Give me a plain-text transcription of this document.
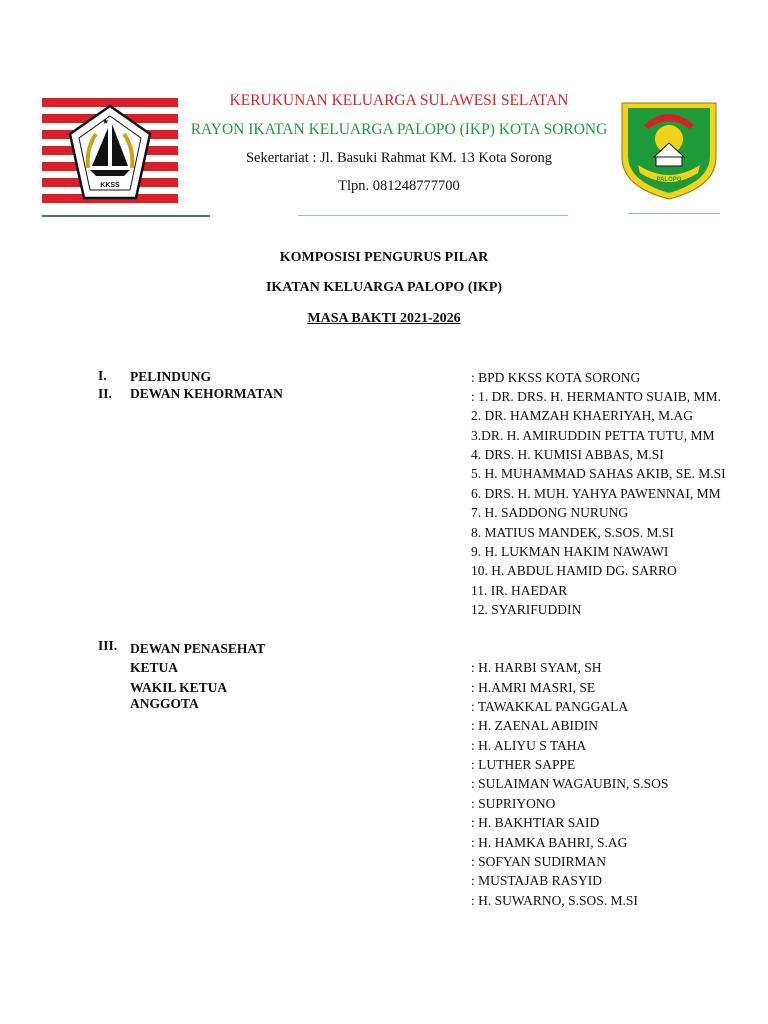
★
KKSS
PALOPO
KERUKUNAN KELUARGA SULAWESI SELATAN
RAYON IKATAN KELUARGA PALOPO (IKP) KOTA SORONG
Sekertariat : Jl. Basuki Rahmat KM. 13 Kota Sorong
Tlpn. 081248777700
KOMPOSISI PENGURUS PILAR
IKATAN KELUARGA PALOPO (IKP)
MASA BAKTI 2021-2026
I. PELINDUNG	: BPD KKSS KOTA SORONG
II. DEWAN KEHORMATAN	: 1. DR. DRS. H. HERMANTO SUAIB, MM.
2. DR. HAMZAH KHAERIYAH, M.AG
3.DR. H. AMIRUDDIN PETTA TUTU, MM
4. DRS. H. KUMISI ABBAS, M.SI
5. H. MUHAMMAD SAHAS AKIB, SE. M.SI
6. DRS. H. MUH. YAHYA PAWENNAI, MM
7. H. SADDONG NURUNG
8. MATIUS MANDEK, S.SOS. M.SI
9. H. LUKMAN HAKIM NAWAWI
10. H. ABDUL HAMID DG. SARRO
11. IR. HAEDAR
12. SYARIFUDDIN
III. DEWAN PENASEHAT
KETUA
WAKIL KETUA
ANGGOTA
: H. HARBI SYAM, SH
: H.AMRI MASRI, SE
: TAWAKKAL PANGGALA
: H. ZAENAL ABIDIN
: H. ALIYU S TAHA
: LUTHER SAPPE
: SULAIMAN WAGAUBIN, S.SOS
: SUPRIYONO
: H. BAKHTIAR SAID
: H. HAMKA BAHRI, S.AG
: SOFYAN SUDIRMAN
: MUSTAJAB RASYID
: H. SUWARNO, S.SOS. M.SI
